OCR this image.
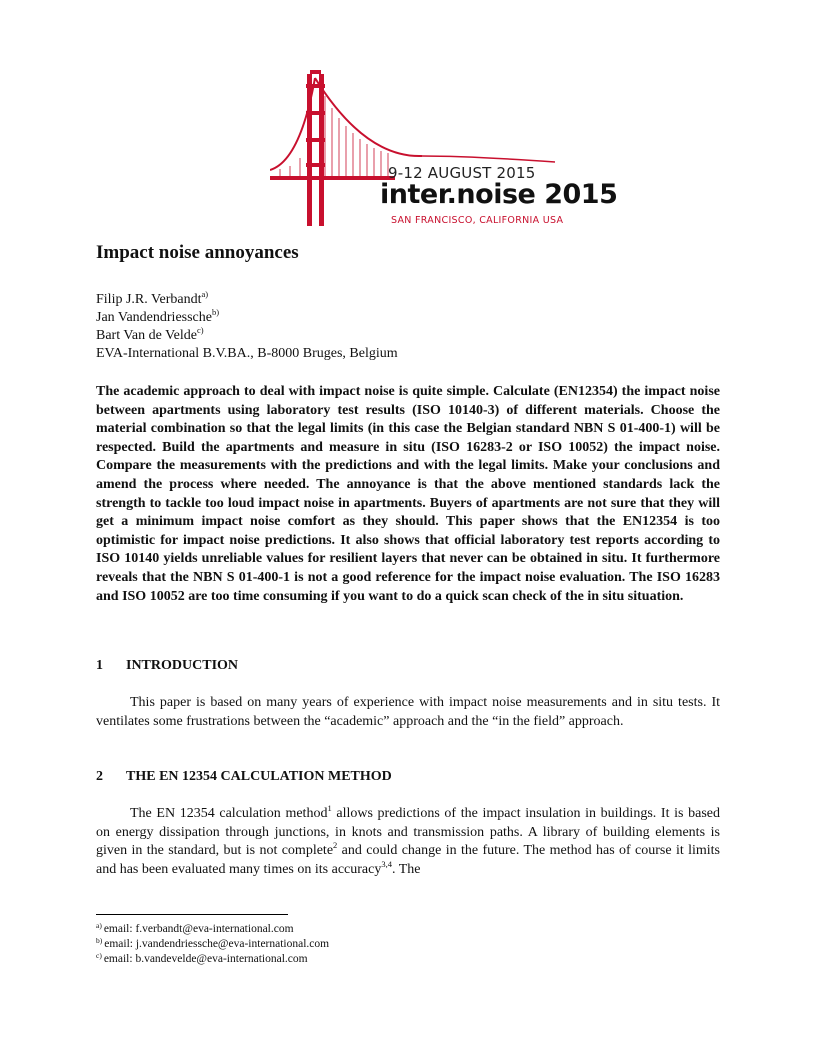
9-12 AUGUST 2015
inter.noise 2015
SAN FRANCISCO, CALIFORNIA USA
Impact noise annoyances
Filip J.R. Verbandt$^{a)}$
Jan Vandendriessche$^{b)}$
Bart Van de Velde$^{c)}$
EVA-International B.V.BA., B-8000 Bruges, Belgium

The academic approach to deal with impact noise is quite simple. Calculate (EN12354) the impact noise between apartments using laboratory test results (ISO 10140-3) of different materials. Choose the material combination so that the legal limits (in this case the Belgian standard NBN S 01-400-1) will be respected. Build the apartments and measure in situ (ISO 16283-2 or ISO 10052) the impact noise. Compare the measurements with the predictions and with the legal limits. Make your conclusions and amend the process where needed. The annoyance is that the above mentioned standards lack the strength to tackle too loud impact noise in apartments. Buyers of apartments are not sure that they will get a minimum impact noise comfort as they should. This paper shows that the EN12354 is too optimistic for impact noise predictions. It also shows that official laboratory test reports according to ISO 10140 yields unreliable values for resilient layers that never can be obtained in situ. It furthermore reveals that the NBN S 01-400-1 is not a good reference for the impact noise evaluation. The ISO 16283 and ISO 10052 are too time consuming if you want to do a quick scan check of the in situ situation.

1 INTRODUCTION

This paper is based on many years of experience with impact noise measurements and in situ tests. It ventilates some frustrations between the “academic” approach and the “in the field” approach.

2 THE EN 12354 CALCULATION METHOD

The EN 12354 calculation method$^1$ allows predictions of the impact insulation in buildings. It is based on energy dissipation through junctions, in knots and transmission paths. A library of building elements is given in the standard, but is not complete$^2$ and could change in the future. The method has of course it limits and has been evaluated many times on its accuracy$^{3,4}$. The

$^{a)}$ email: f.verbandt@eva-international.com
$^{b)}$ email: j.vandendriessche@eva-international.com
$^{c)}$ email: b.vandevelde@eva-international.com
